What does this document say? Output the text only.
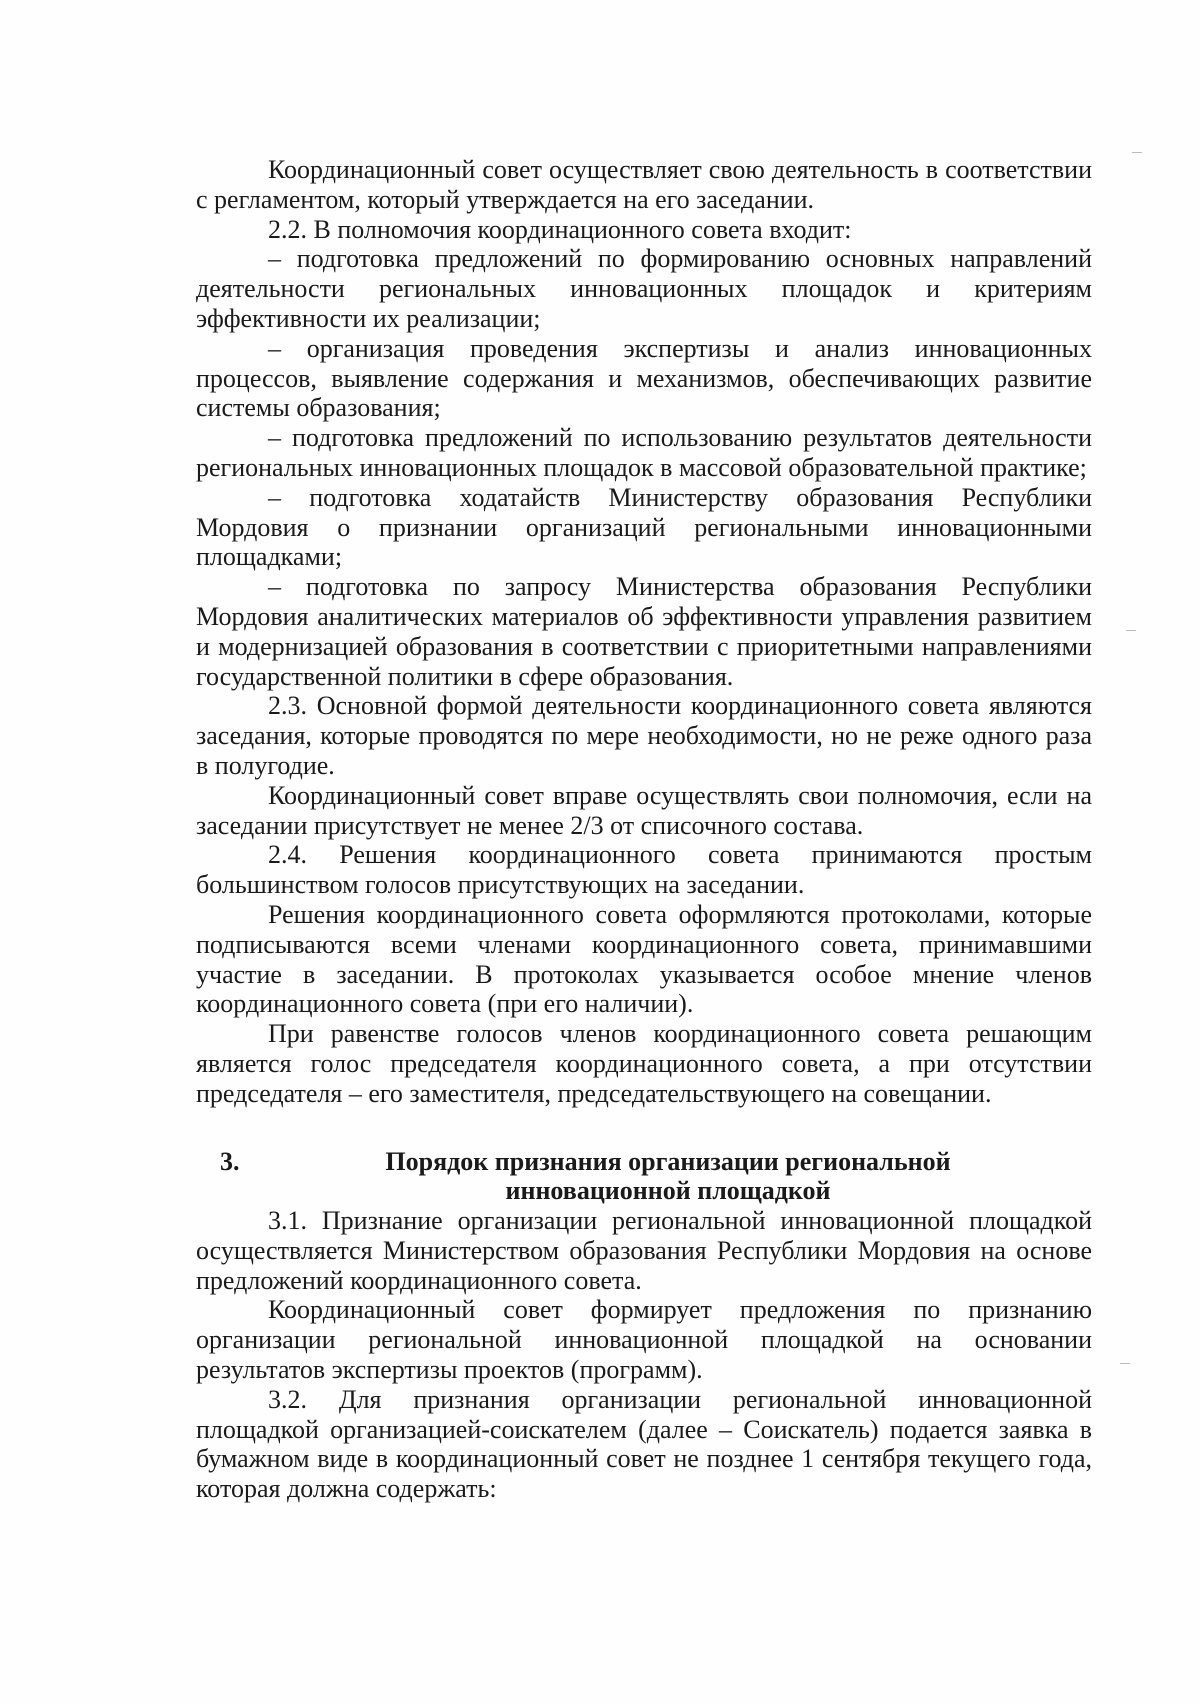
Координационный совет осуществляет свою деятельность в соответствии с регламентом, который утверждается на его заседании.

2.2. В полномочия координационного совета входит:

– подготовка предложений по формированию основных направлений деятельности региональных инновационных площадок и критериям эффективности их реализации;

– организация проведения экспертизы и анализ инновационных процессов, выявление содержания и механизмов, обеспечивающих развитие системы образования;

– подготовка предложений по использованию результатов деятельности региональных инновационных площадок в массовой образовательной практике;

– подготовка ходатайств Министерству образования Республики Мордовия о признании организаций региональными инновационными площадками;

– подготовка по запросу Министерства образования Республики Мордовия аналитических материалов об эффективности управления развитием и модернизацией образования в соответствии с приоритетными направлениями государственной политики в сфере образования.

2.3. Основной формой деятельности координационного совета являются заседания, которые проводятся по мере необходимости, но не реже одного раза в полугодие.

Координационный совет вправе осуществлять свои полномочия, если на заседании присутствует не менее 2/3 от списочного состава.

2.4. Решения координационного совета принимаются простым большинством голосов присутствующих на заседании.

Решения координационного совета оформляются протоколами, которые подписываются всеми членами координационного совета, принимавшими участие в заседании. В протоколах указывается особое мнение членов координационного совета (при его наличии).

При равенстве голосов членов координационного совета решающим является голос председателя координационного совета, а при отсутствии председателя – его заместителя, председательствующего на совещании.

3.	Порядок признания организации региональной инновационной площадкой

3.1. Признание организации региональной инновационной площадкой осуществляется Министерством образования Республики Мордовия на основе предложений координационного совета.

Координационный совет формирует предложения по признанию организации региональной инновационной площадкой на основании результатов экспертизы проектов (программ).

3.2. Для признания организации региональной инновационной площадкой организацией-соискателем (далее – Соискатель) подается заявка в бумажном виде в координационный совет не позднее 1 сентября текущего года, которая должна содержать:
